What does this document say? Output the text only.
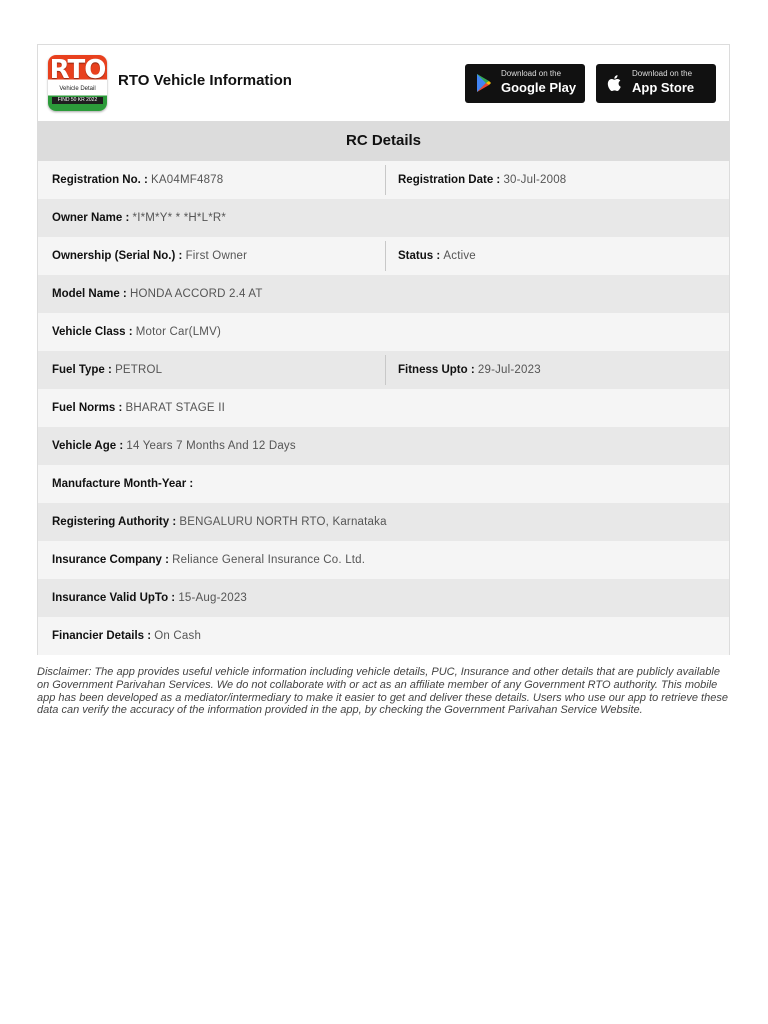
RTO
Vehicle Detail
FIND 50 KR 2022
RTO Vehicle Information	Download on the
Google Play
Download on the
App Store
RC Details
Registration No. : KA04MF4878	Registration Date : 30-Jul-2008
Owner Name : *I*M*Y* * *H*L*R*
Ownership (Serial No.) : First Owner	Status : Active
Model Name : HONDA ACCORD 2.4 AT
Vehicle Class : Motor Car(LMV)
Fuel Type : PETROL	Fitness Upto : 29-Jul-2023
Fuel Norms : BHARAT STAGE II
Vehicle Age : 14 Years 7 Months And 12 Days
Manufacture Month-Year :
Registering Authority : BENGALURU NORTH RTO, Karnataka
Insurance Company : Reliance General Insurance Co. Ltd.
Insurance Valid UpTo : 15-Aug-2023
Financier Details : On Cash
Disclaimer: The app provides useful vehicle information including vehicle details, PUC, Insurance and other details that are publicly available on Government Parivahan Services. We do not collaborate with or act as an affiliate member of any Government RTO authority. This mobile app has been developed as a mediator/intermediary to make it easier to get and deliver these details. Users who use our app to retrieve these data can verify the accuracy of the information provided in the app, by checking the Government Parivahan Service Website.
